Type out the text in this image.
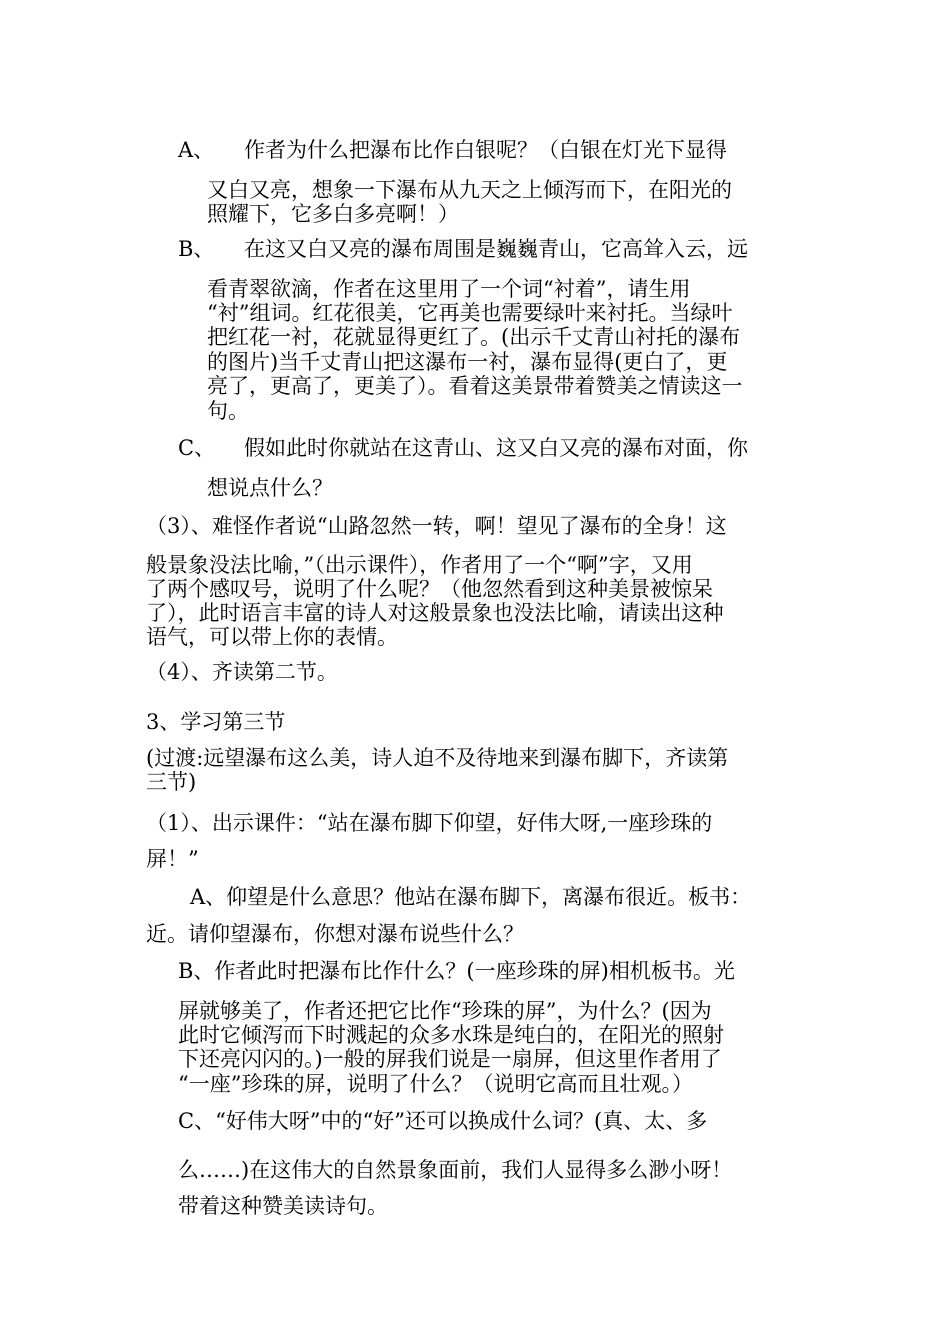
A、 作者为什么把瀑布比作白银呢？（白银在灯光下显得
又白又亮，想象一下瀑布从九天之上倾泻而下，在阳光的
照耀下，它多白多亮啊！）
B、 在这又白又亮的瀑布周围是巍巍青山，它高耸入云，远
看青翠欲滴，作者在这里用了一个词“衬着”，请生用
“衬”组词。红花很美，它再美也需要绿叶来衬托。当绿叶
把红花一衬，花就显得更红了。(出示千丈青山衬托的瀑布
的图片)当千丈青山把这瀑布一衬，瀑布显得(更白了，更
亮了，更高了，更美了）。看着这美景带着赞美之情读这一
句。
C、 假如此时你就站在这青山、这又白又亮的瀑布对面，你
想说点什么？
（3）、难怪作者说“山路忽然一转，啊！望见了瀑布的全身！这
般景象没法比喻，”（出示课件），作者用了一个“啊”字，又用
了两个感叹号，说明了什么呢？（他忽然看到这种美景被惊呆
了），此时语言丰富的诗人对这般景象也没法比喻，请读出这种
语气，可以带上你的表情。
（4）、齐读第二节。
3、学习第三节
(过渡:远望瀑布这么美，诗人迫不及待地来到瀑布脚下，齐读第
三节)
（1）、出示课件：“站在瀑布脚下仰望，好伟大呀,一座珍珠的
屏！”
A、仰望是什么意思？他站在瀑布脚下，离瀑布很近。板书：
近。请仰望瀑布，你想对瀑布说些什么？
B、作者此时把瀑布比作什么？(一座珍珠的屏)相机板书。光
屏就够美了，作者还把它比作“珍珠的屏”，为什么？(因为
此时它倾泻而下时溅起的众多水珠是纯白的，在阳光的照射
下还亮闪闪的。)一般的屏我们说是一扇屏，但这里作者用了
“一座”珍珠的屏，说明了什么？（说明它高而且壮观。）
C、“好伟大呀”中的“好”还可以换成什么词？(真、太、多
么……)在这伟大的自然景象面前，我们人显得多么渺小呀！
带着这种赞美读诗句。
